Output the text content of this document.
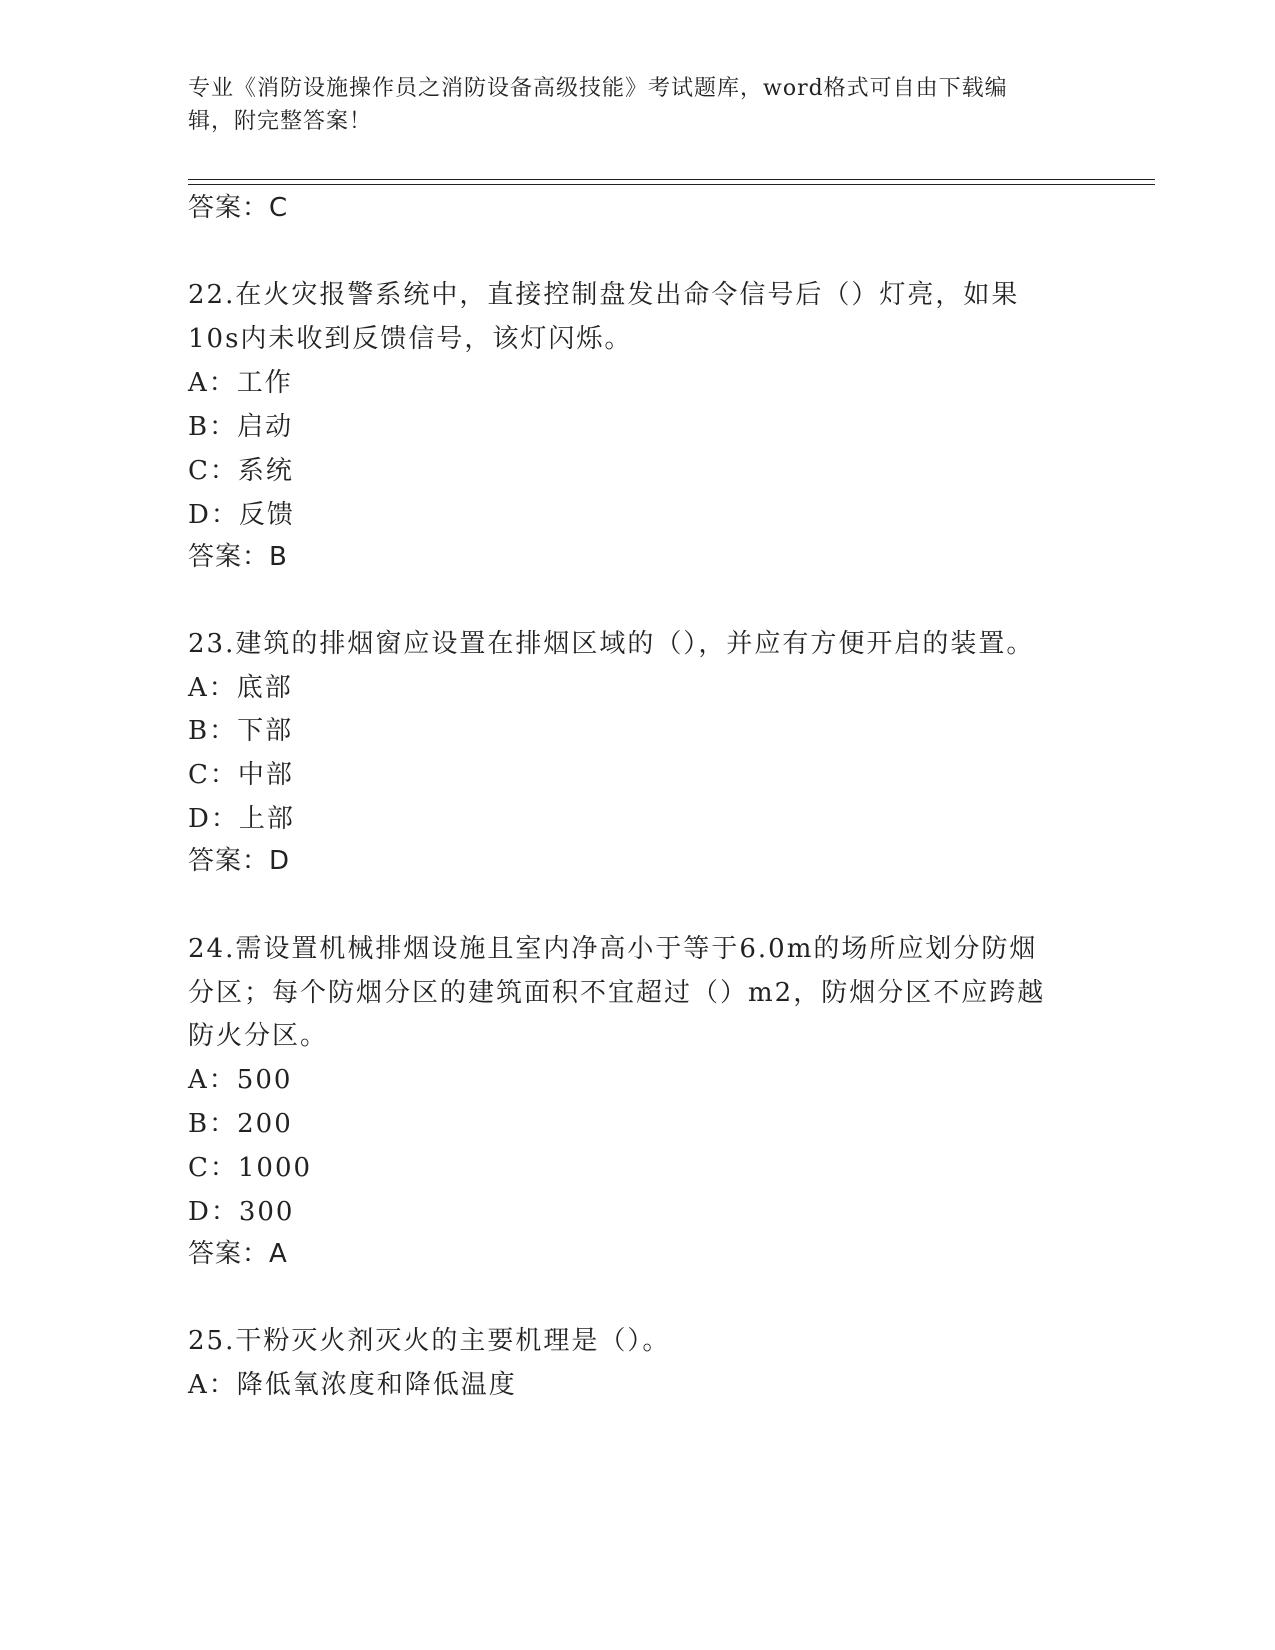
专业《消防设施操作员之消防设备高级技能》考试题库，word格式可自由下载编
辑，附完整答案！
答案：C
22.在火灾报警系统中，直接控制盘发出命令信号后（）灯亮，如果
10s内未收到反馈信号，该灯闪烁。
A：工作
B：启动
C：系统
D：反馈
答案：B
23.建筑的排烟窗应设置在排烟区域的（），并应有方便开启的装置。
A：底部
B：下部
C：中部
D：上部
答案：D
24.需设置机械排烟设施且室内净高小于等于6.0m的场所应划分防烟
分区；每个防烟分区的建筑面积不宜超过（）m2，防烟分区不应跨越
防火分区。
A：500
B：200
C：1000
D：300
答案：A
25.干粉灭火剂灭火的主要机理是（）。
A：降低氧浓度和降低温度
